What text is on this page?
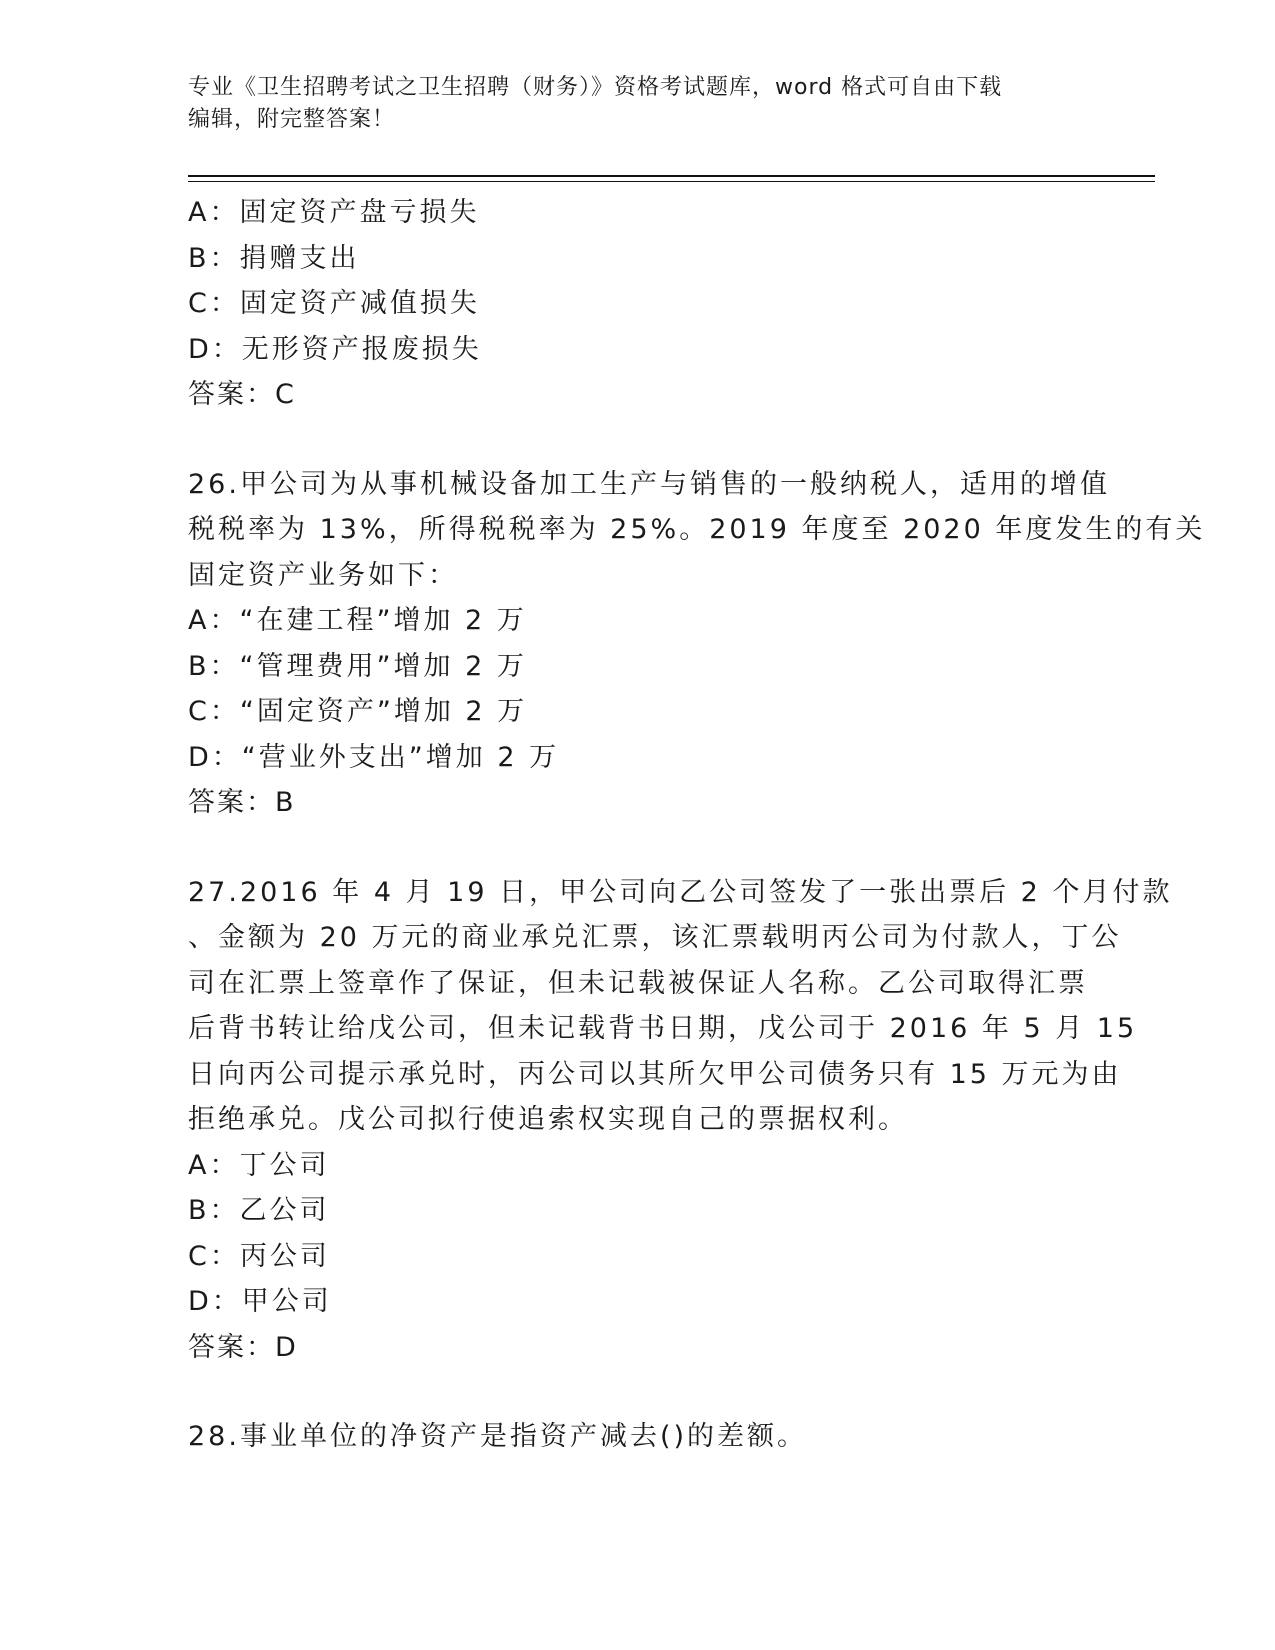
专业《卫生招聘考试之卫生招聘（财务）》资格考试题库，word 格式可自由下载
编辑，附完整答案！
A：固定资产盘亏损失
B：捐赠支出
C：固定资产减值损失
D：无形资产报废损失
答案：C
26.甲公司为从事机械设备加工生产与销售的一般纳税人，适用的增值
税税率为 13%，所得税税率为 25%。2019 年度至 2020 年度发生的有关
固定资产业务如下：
A：“在建工程”增加 2 万
B：“管理费用”增加 2 万
C：“固定资产”增加 2 万
D：“营业外支出”增加 2 万
答案：B
27.2016 年 4 月 19 日，甲公司向乙公司签发了一张出票后 2 个月付款
、金额为 20 万元的商业承兑汇票，该汇票载明丙公司为付款人，丁公
司在汇票上签章作了保证，但未记载被保证人名称。乙公司取得汇票
后背书转让给戊公司，但未记载背书日期，戊公司于 2016 年 5 月 15
日向丙公司提示承兑时，丙公司以其所欠甲公司债务只有 15 万元为由
拒绝承兑。戊公司拟行使追索权实现自己的票据权利。
A：丁公司
B：乙公司
C：丙公司
D：甲公司
答案：D
28.事业单位的净资产是指资产减去()的差额。
